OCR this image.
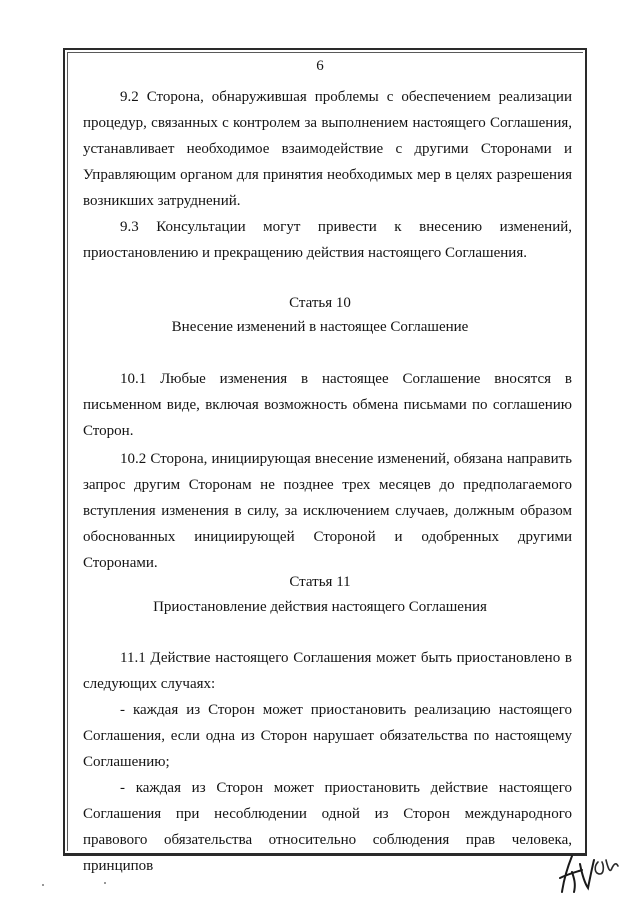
6

9.2 Сторона, обнаружившая проблемы с обеспечением реализации процедур, связанных с контролем за выполнением настоящего Соглашения, устанавливает необходимое взаимодействие с другими Сторонами и Управляющим органом для принятия необходимых мер в целях разрешения возникших затруднений.

9.3 Консультации могут привести к внесению изменений, приостановлению и прекращению действия настоящего Соглашения.

Статья 10
Внесение изменений в настоящее Соглашение

10.1 Любые изменения в настоящее Соглашение вносятся в письменном виде, включая возможность обмена письмами по соглашению Сторон.

10.2 Сторона, инициирующая внесение изменений, обязана направить запрос другим Сторонам не позднее трех месяцев до предполагаемого вступления изменения в силу, за исключением случаев, должным образом обоснованных инициирующей Стороной и одобренных другими Сторонами.

Статья 11
Приостановление действия настоящего Соглашения

11.1 Действие настоящего Соглашения может быть приостановлено в следующих случаях:

- каждая из Сторон может приостановить реализацию настоящего Соглашения, если одна из Сторон нарушает обязательства по настоящему Соглашению;

- каждая из Сторон может приостановить действие настоящего Соглашения при несоблюдении одной из Сторон международного правового обязательства относительно соблюдения прав человека, принципов
